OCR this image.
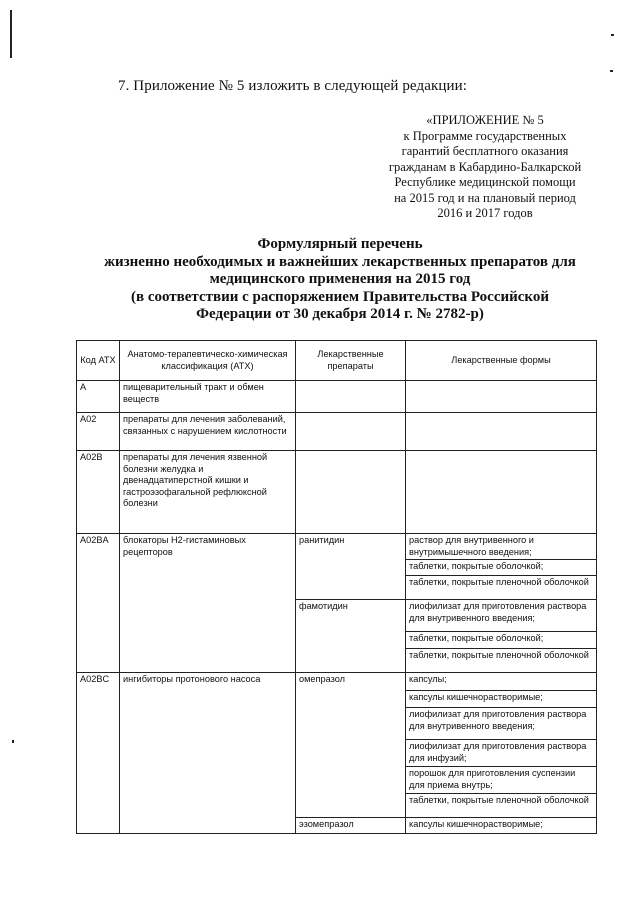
7. Приложение № 5 изложить в следующей редакции:
«ПРИЛОЖЕНИЕ № 5
к Программе государственных
гарантий бесплатного оказания
гражданам в Кабардино-Балкарской
Республике медицинской помощи
на 2015 год и на плановый период
2016 и 2017 годов
Формулярный перечень
жизненно необходимых и важнейших лекарственных препаратов для
медицинского применения на 2015 год
(в соответствии с распоряжением Правительства Российской
Федерации от 30 декабря 2014 г. № 2782-р)
Код АТХ	Анатомо-терапевтическо-химическая классификация (АТХ)	Лекарственные препараты	Лекарственные формы
A	пищеварительный тракт и обмен веществ		
A02	препараты для лечения заболеваний, связанных с нарушением кислотности		
A02B	препараты для лечения язвенной болезни желудка и двенадцатиперстной кишки и гастроэзофагальной рефлюксной болезни		
A02BA	блокаторы H2-гистаминовых рецепторов	ранитидин	раствор для внутривенного и внутримышечного введения;
			таблетки, покрытые оболочкой;
			таблетки, покрытые пленочной оболочкой
		фамотидин	лиофилизат для приготовления раствора для внутривенного введения;
			таблетки, покрытые оболочкой;
			таблетки, покрытые пленочной оболочкой
A02BC	ингибиторы протонового насоса	омепразол	капсулы;
			капсулы кишечнорастворимые;
			лиофилизат для приготовления раствора для внутривенного введения;
			лиофилизат для приготовления раствора для инфузий;
			порошок для приготовления суспензии для приема внутрь;
			таблетки, покрытые пленочной оболочкой
		эзомепразол	капсулы кишечнорастворимые;
